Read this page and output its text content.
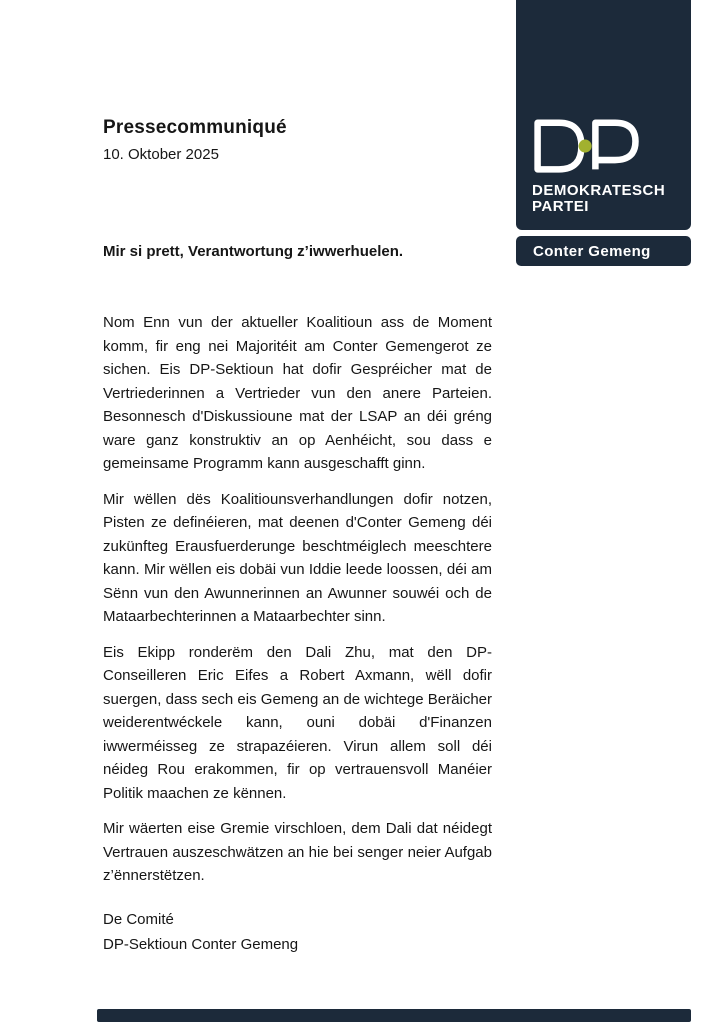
Pressecommuniqué
10. Oktober 2025
Mir si prett, Verantwortung z’iwwerhuelen.

Nom Enn vun der aktueller Koalitioun ass de Moment komm, fir eng nei Majoritéit am Conter Gemengerot ze sichen. Eis DP-Sektioun hat dofir Gespréicher mat de Vertriederinnen a Vertrieder vun den anere Parteien. Besonnesch d'Diskussioune mat der LSAP an déi gréng ware ganz konstruktiv an op Aenhéicht, sou dass e gemeinsame Programm kann ausgeschafft ginn.

Mir wëllen dës Koalitiounsverhandlungen dofir notzen, Pisten ze definéieren, mat deenen d'Conter Gemeng déi zukünfteg Erausfuerderunge beschtméiglech meeschtere kann. Mir wëllen eis dobäi vun Iddie leede loossen, déi am Sënn vun den Awunnerinnen an Awunner souwéi och de Mataarbechterinnen a Mataarbechter sinn.

Eis Ekipp ronderëm den Dali Zhu, mat den DP-Conseilleren Eric Eifes a Robert Axmann, wëll dofir suergen, dass sech eis Gemeng an de wichtege Beräicher weiderentwéckele kann, ouni dobäi d'Finanzen iwwerméisseg ze strapazéieren. Virun allem soll déi néideg Rou erakommen, fir op vertrauensvoll Manéier Politik maachen ze kënnen.

Mir wäerten eise Gremie virschloen, dem Dali dat néidegt Vertrauen auszeschwätzen an hie bei senger neier Aufgab z’ënnerstëtzen.

De Comité
DP-Sektioun Conter Gemeng
DEMOKRATESCH
PARTEI
Conter Gemeng
